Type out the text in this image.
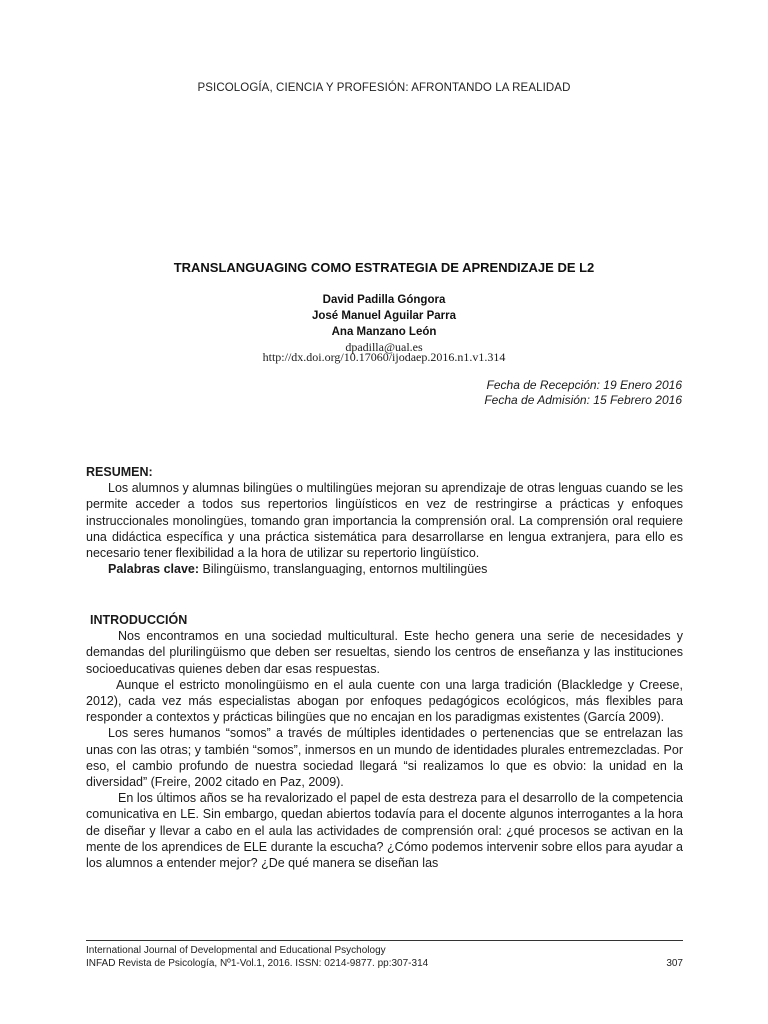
PSICOLOGÍA, CIENCIA Y PROFESIÓN: AFRONTANDO LA REALIDAD
TRANSLANGUAGING COMO ESTRATEGIA DE APRENDIZAJE DE L2
David Padilla Góngora
José Manuel Aguilar Parra
Ana Manzano León
dpadilla@ual.es
http://dx.doi.org/10.17060/ijodaep.2016.n1.v1.314
Fecha de Recepción: 19 Enero 2016
Fecha de Admisión: 15 Febrero 2016

RESUMEN:

Los alumnos y alumnas bilingües o multilingües mejoran su aprendizaje de otras lenguas cuando se les permite acceder a todos sus repertorios lingüísticos en vez de restringirse a prácticas y enfoques instruccionales monolingües, tomando gran importancia la comprensión oral. La comprensión oral requiere una didáctica específica y una práctica sistemática para desarrollarse en lengua extranjera, para ello es necesario tener flexibilidad a la hora de utilizar su repertorio lingüístico.

Palabras clave: Bilingüismo, translanguaging, entornos multilingües

INTRODUCCIÓN

Nos encontramos en una sociedad multicultural. Este hecho genera una serie de necesidades y demandas del plurilingüismo que deben ser resueltas, siendo los centros de enseñanza y las instituciones socioeducativas quienes deben dar esas respuestas.

Aunque el estricto monolingüismo en el aula cuente con una larga tradición (Blackledge y Creese, 2012), cada vez más especialistas abogan por enfoques pedagógicos ecológicos, más flexibles para responder a contextos y prácticas bilingües que no encajan en los paradigmas existentes (García 2009).

Los seres humanos “somos” a través de múltiples identidades o pertenencias que se entrelazan las unas con las otras; y también “somos”, inmersos en un mundo de identidades plurales entremezcladas. Por eso, el cambio profundo de nuestra sociedad llegará “si realizamos lo que es obvio: la unidad en la diversidad” (Freire, 2002 citado en Paz, 2009).

En los últimos años se ha revalorizado el papel de esta destreza para el desarrollo de la competencia comunicativa en LE. Sin embargo, quedan abiertos todavía para el docente algunos interrogantes a la hora de diseñar y llevar a cabo en el aula las actividades de comprensión oral: ¿qué procesos se activan en la mente de los aprendices de ELE durante la escucha? ¿Cómo podemos intervenir sobre ellos para ayudar a los alumnos a entender mejor? ¿De qué manera se diseñan las

International Journal of Developmental and Educational Psychology
INFAD Revista de Psicología, Nº1-Vol.1, 2016. ISSN: 0214-9877. pp:307-314	307
